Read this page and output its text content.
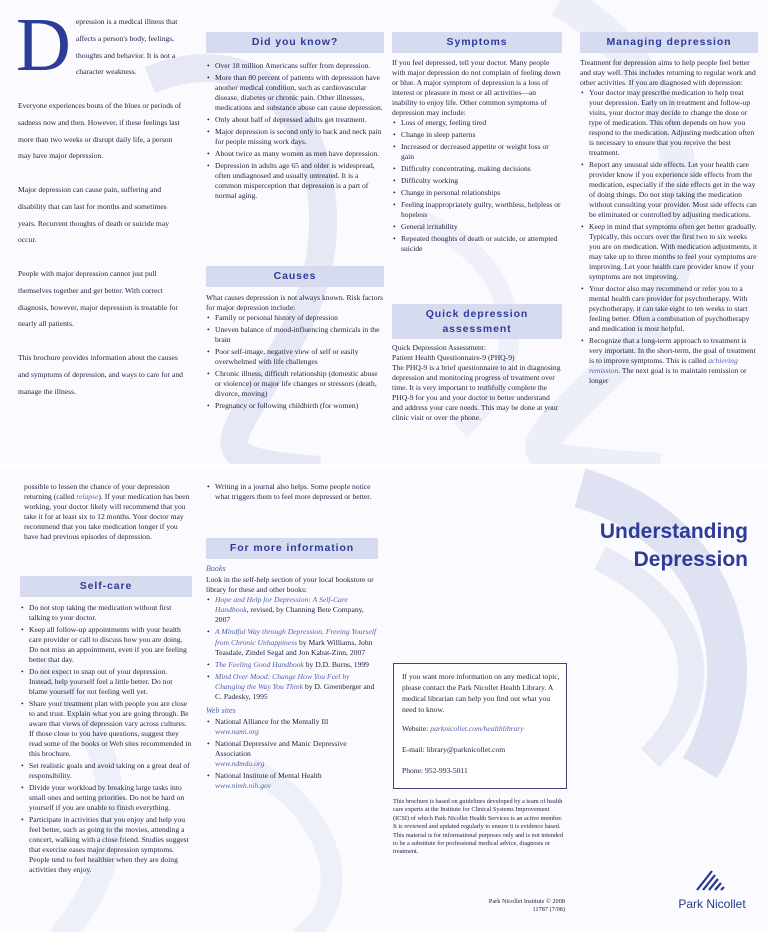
D epression is a medical illness that affects a person's body, feelings, thoughts and behavior. It is not a character weakness.

Everyone experiences bouts of the blues or periods of sadness now and then. However, if these feelings last more than two weeks or disrupt daily life, a person may have major depression.

Major depression can cause pain, suffering and disability that can last for months and sometimes years. Recurrent thoughts of death or suicide may occur.

People with major depression cannot just pull themselves together and get better. With correct diagnosis, however, major depression is treatable for nearly all patients.

This brochure provides information about the causes and symptoms of depression, and ways to care for and manage the illness.

Did you know?
• Over 18 million Americans suffer from depression.
• More than 80 percent of patients with depression have another medical condition, such as cardiovascular disease, diabetes or chronic pain. Other illnesses, medications and substance abuse can cause depression.
• Only about half of depressed adults get treatment.
• Major depression is second only to back and neck pain for people missing work days.
• About twice as many women as men have depression.
• Depression in adults age 65 and older is widespread, often undiagnosed and usually untreated. It is a common misperception that depression is a part of normal aging.
Causes

What causes depression is not always known. Risk factors for major depression include:

• Family or personal history of depression
• Uneven balance of mood-influencing chemicals in the brain
• Poor self-image, negative view of self or easily overwhelmed with life challenges
• Chronic illness, difficult relationship (domestic abuse or violence) or major life changes or stressors (death, divorce, moving)
• Pregnancy or following childbirth (for women)
Symptoms

If you feel depressed, tell your doctor. Many people with major depression do not complain of feeling down or blue. A major symptom of depression is a loss of interest or pleasure in most or all activities—an inability to enjoy life. Other common symptoms of depression may include:

• Loss of energy, feeling tired
• Change in sleep patterns
• Increased or decreased appetite or weight loss or gain
• Difficulty concentrating, making decisions
• Difficulty working
• Change in personal relationships
• Feeling inappropriately guilty, worthless, helpless or hopeless
• General irritability
• Repeated thoughts of death or suicide, or attempted suicide
Quick depression assessment

Quick Depression Assessment:

Patient Health Questionnaire-9 (PHQ-9)

The PHQ-9 is a brief questionnaire to aid in diagnosing depression and monitoring progress of treatment over time. It is very important to truthfully complete the PHQ-9 for you and your doctor to better understand and address your care needs. This may be done at your clinic visit or over the phone.

Managing depression

Treatment for depression aims to help people feel better and stay well. This includes returning to regular work and other activities. If you are diagnosed with depression:

• Your doctor may prescribe medication to help treat your depression. Early on in treatment and follow-up visits, your doctor may decide to change the dose or type of medication. This often depends on how you respond to the medication. Adjusting medication often is necessary to ensure that you receive the best treatment.
• Report any unusual side effects. Let your health care provider know if you experience side effects from the medication, especially if the side effects get in the way of doing things. Do not stop taking the medication without consulting your provider. Most side effects can be eliminated or controlled by adjusting medications.
• Keep in mind that symptoms often get better gradually. Typically, this occurs over the first two to six weeks you are on medication. With medication adjustments, it may take up to three months to feel your symptoms are improving. Let your health care provider know if your symptoms are not improving.
• Your doctor also may recommend or refer you to a mental health care provider for psychotherapy. With psychotherapy, it can take eight to ten weeks to start feeling better. Often a combination of psychotherapy and medication is most helpful.
• Recognize that a long-term approach to treatment is very important. In the short-term, the goal of treatment is to improve symptoms. This is called achieving remission. The next goal is to maintain remission or longer

possible to lessen the chance of your depression returning (called relapse). If your medication has been working, your doctor likely will recommend that you take it for at least six to 12 months. Your doctor may recommend that you take medication longer if you have had previous episodes of depression.

Self-care
• Do not stop taking the medication without first talking to your doctor.
• Keep all follow-up appointments with your health care provider or call to discuss how you are doing. Do not miss an appointment, even if you are feeling better that day.
• Do not expect to snap out of your depression. Instead, help yourself feel a little better. Do not blame yourself for not feeling well yet.
• Share your treatment plan with people you are close to and trust. Explain what you are going through. Be aware that views of depression vary across cultures. If those close to you have questions, suggest they read some of the books or Web sites recommended in this brochure.
• Set realistic goals and avoid taking on a great deal of responsibility.
• Divide your workload by breaking large tasks into small ones and setting priorities. Do not be hard on yourself if you are unable to finish everything.
• Participate in activities that you enjoy and help you feel better, such as going to the movies, attending a concert, walking with a close friend. Studies suggest that exercise eases major depression symptoms. People tend to feel healthier when they are doing activities they enjoy.
• Writing in a journal also helps. Some people notice what triggers them to feel more depressed or better.
For more information
Books

Look in the self-help section of your local bookstore or library for these and other books:

• Hope and Help for Depression: A Self-Care Handbook, revised, by Channing Bete Company, 2007
• A Mindful Way through Depression, Freeing Yourself from Chronic Unhappiness by Mark Williams, John Teasdale, Zindel Segal and Jon Kabat-Zinn, 2007
• The Feeling Good Handbook by D.D. Burns, 1999
• Mind Over Mood: Change How You Feel by Changing the Way You Think by D. Greenberger and C. Padesky, 1995
Web sites
• National Alliance for the Mentally Ill
www.nami.org
• National Depressive and Manic Depressive Association
www.ndmda.org
• National Institute of Mental Health
www.nimh.nih.gov

If you want more information on any medical topic, please contact the Park Nicollet Health Library. A medical librarian can help you find out what you need to know.

Website: parknicollet.com/healthlibrary

E-mail: library@parknicollet.com

Phone: 952-993-5011

This brochure is based on guidelines developed by a team of health care experts at the Institute for Clinical Systems Improvement (ICSI) of which Park Nicollet Health Services is an active member. It is reviewed and updated regularly to ensure it is evidence based. This material is for informational purposes only and is not intended to be a substitute for professional medical advice, diagnosis or treatment.

Park Nicollet Institute © 2008

11787 (7/08)

Understanding
Depression
Park Nicollet
